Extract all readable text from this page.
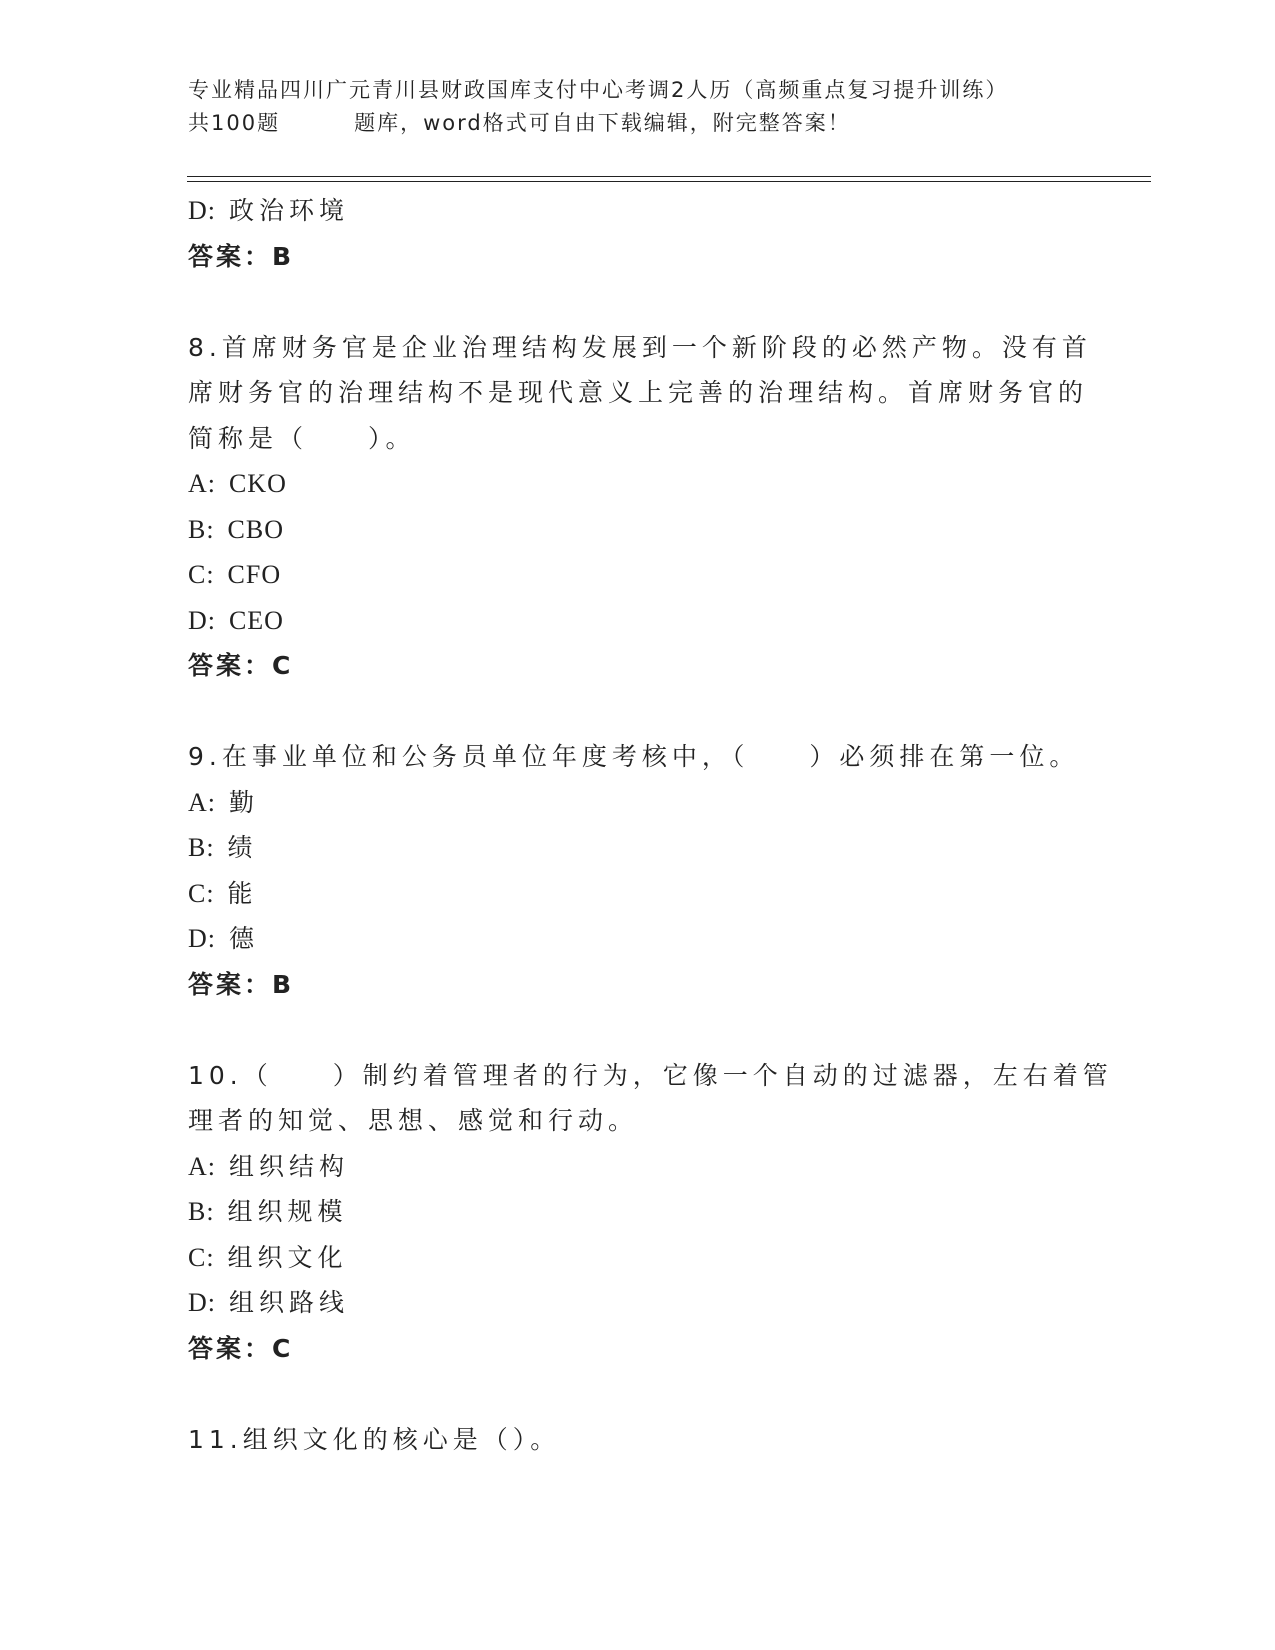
专业精品四川广元青川县财政国库支付中心考调2人历（高频重点复习提升训练）
共100题	题库，word格式可自由下载编辑，附完整答案！
D: 政治环境
答案：B
8.首席财务官是企业治理结构发展到一个新阶段的必然产物。没有首
席财务官的治理结构不是现代意义上完善的治理结构。首席财务官的
简称是（　　）。
A: CKO
B: CBO
C: CFO
D: CEO
答案：C
9.在事业单位和公务员单位年度考核中，（　　）必须排在第一位。
A: 勤
B: 绩
C: 能
D: 德
答案：B
10.（　　）制约着管理者的行为，它像一个自动的过滤器，左右着管
理者的知觉、思想、感觉和行动。
A: 组织结构
B: 组织规模
C: 组织文化
D: 组织路线
答案：C
11.组织文化的核心是（）。
